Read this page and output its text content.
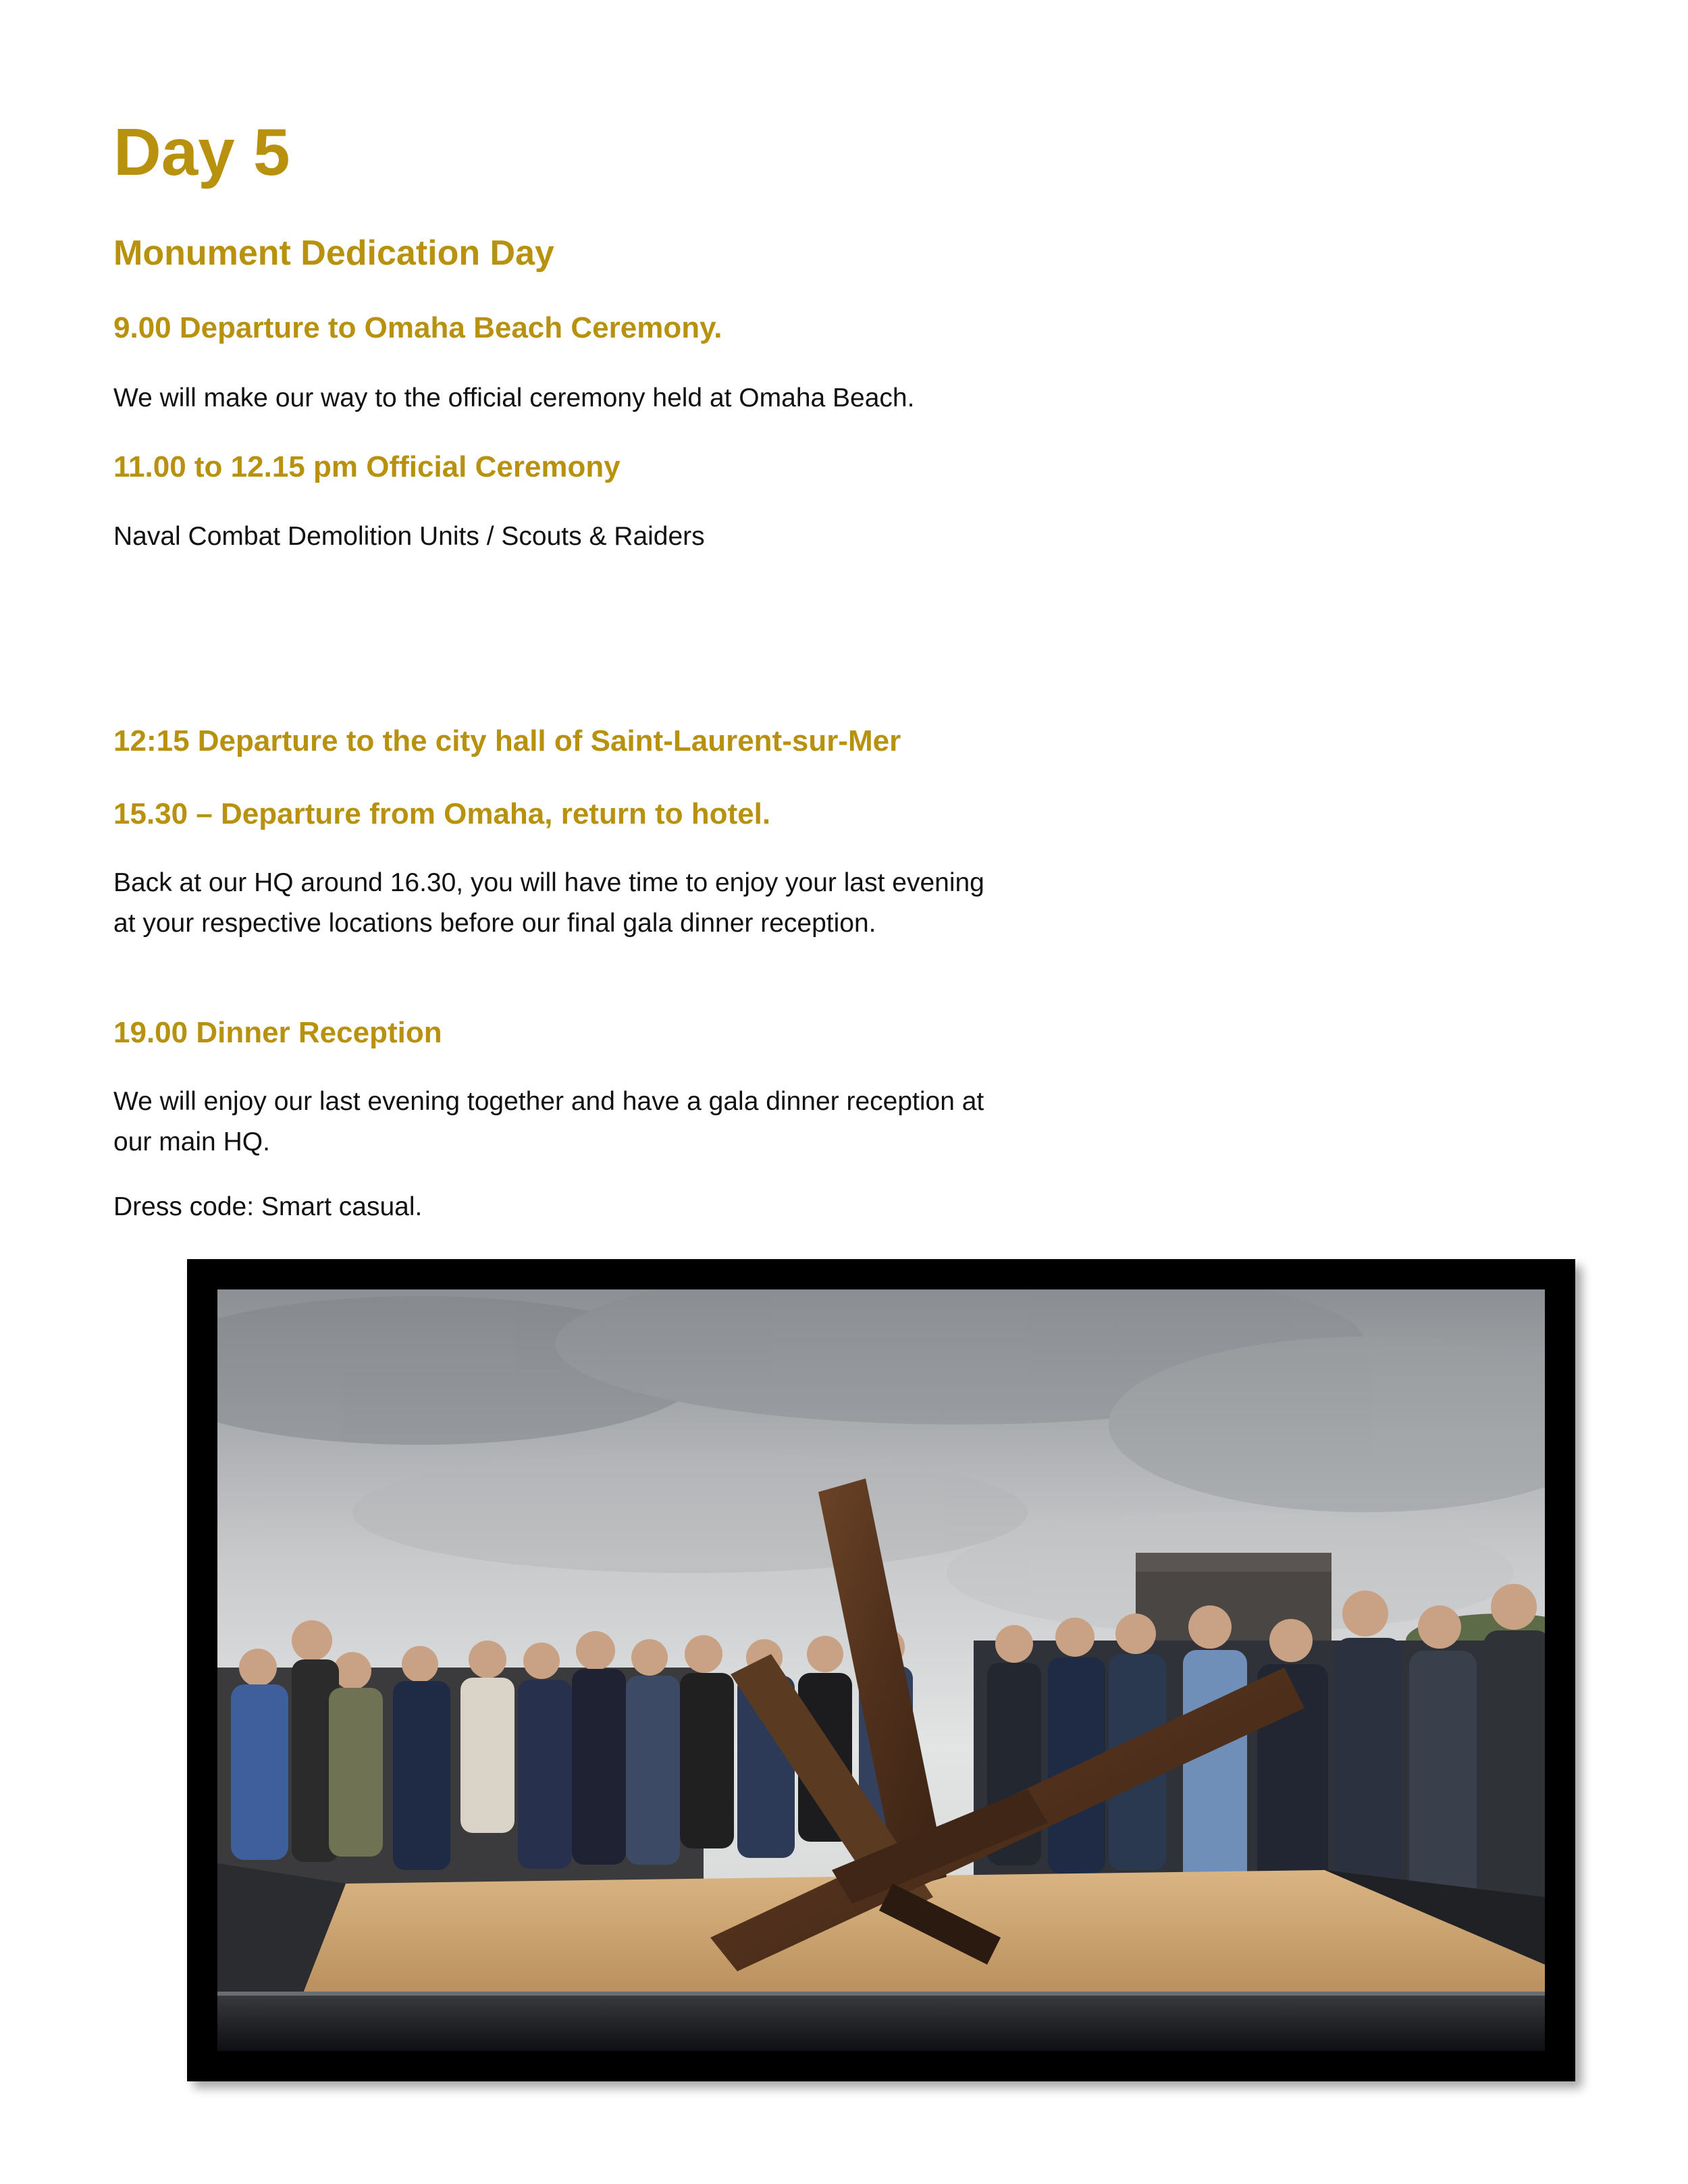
Day 5
Monument Dedication Day
9.00 Departure to Omaha Beach Ceremony.

We will make our way to the official ceremony held at Omaha Beach.

11.00 to 12.15 pm Official Ceremony

Naval Combat Demolition Units / Scouts & Raiders

12:15 Departure to the city hall of Saint-Laurent-sur-Mer
15.30 – Departure from Omaha, return to hotel.

Back at our HQ around 16.30, you will have time to enjoy your last evening at your respective locations before our final gala dinner reception.

19.00 Dinner Reception

We will enjoy our last evening together and have a gala dinner reception at our main HQ.

Dress code: Smart casual.
